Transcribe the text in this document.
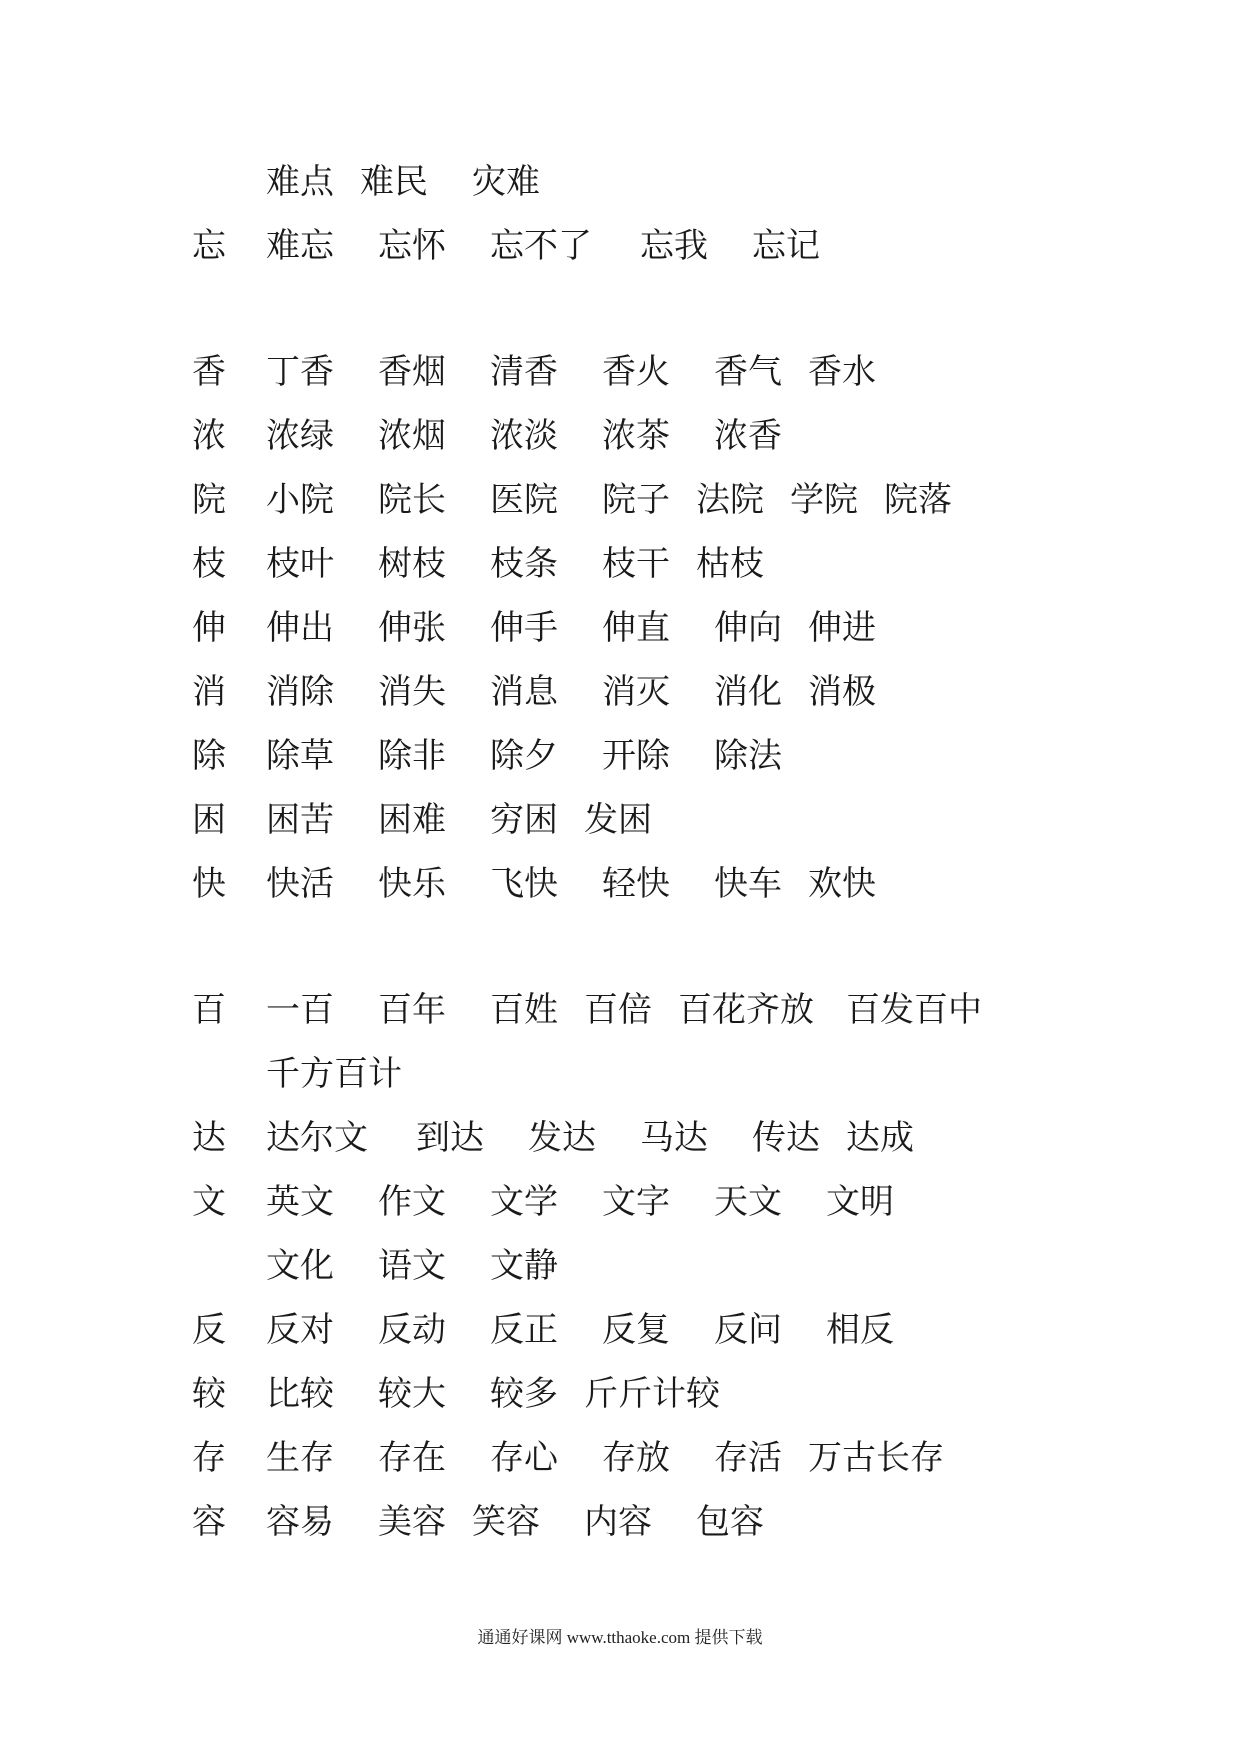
难点 难民 灾难
忘	难忘 忘怀 忘不了 忘我 忘记
香	丁香 香烟 清香 香火 香气 香水
浓	浓绿 浓烟 浓淡 浓茶 浓香
院	小院 院长 医院 院子 法院 学院 院落
枝	枝叶 树枝 枝条 枝干 枯枝
伸	伸出 伸张 伸手 伸直 伸向 伸进
消	消除 消失 消息 消灭 消化 消极
除	除草 除非 除夕 开除 除法
困	困苦 困难 穷困 发困
快	快活 快乐 飞快 轻快 快车 欢快
百	一百 百年 百姓 百倍 百花齐放 百发百中
千方百计
达	达尔文 到达 发达 马达 传达 达成
文	英文 作文 文学 文字 天文 文明
文化 语文 文静
反	反对 反动 反正 反复 反问 相反
较	比较 较大 较多 斤斤计较
存	生存 存在 存心 存放 存活 万古长存
容	容易 美容 笑容 内容 包容
通通好课网 www.tthaoke.com 提供下载
